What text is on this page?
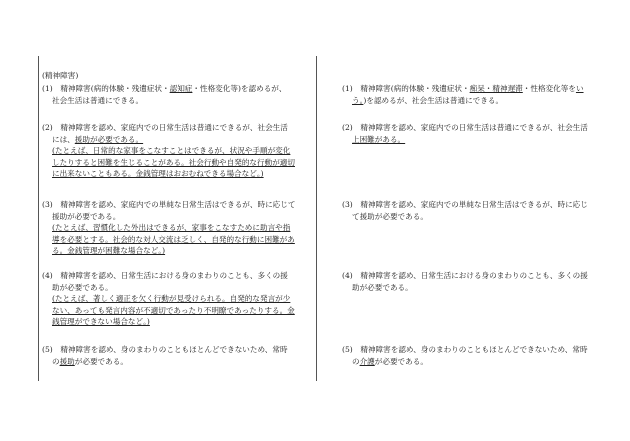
(精神障害)

(1)　精神障害(病的体験・残遺症状・認知症・性格変化等)を認めるが、

社会生活は普通にできる。

(2)　精神障害を認め、家庭内での日常生活は普通にできるが、社会生活

には、援助が必要である。

(たとえば、日常的な家事をこなすことはできるが、状況や手順が変化

したりすると困難を生じることがある。社会行動や自発的な行動が適切

に出来ないこともある。金銭管理はおおむねできる場合など。)

(3)　精神障害を認め、家庭内での単純な日常生活はできるが、時に応じて

援助が必要である。

(たとえば、習慣化した外出はできるが、家事をこなすために助言や指

導を必要とする。社会的な対人交流は乏しく、自発的な行動に困難があ

る。金銭管理が困難な場合など。)

(4)　精神障害を認め、日常生活における身のまわりのことも、多くの援

助が必要である。

(たとえば、著しく適正を欠く行動が見受けられる。自発的な発言が少

ない、あっても発言内容が不適切であったり不明瞭であったりする。金

銭管理ができない場合など。)

(5)　精神障害を認め、身のまわりのこともほとんどできないため、常時

の援助が必要である。

(1)　精神障害(病的体験・残遺症状・痴呆・精神遅滞・性格変化等をい

う。)を認めるが、社会生活は普通にできる。

(2)　精神障害を認め、家庭内での日常生活は普通にできるが、社会生活

上困難がある。

(3)　精神障害を認め、家庭内での単純な日常生活はできるが、時に応じ

て援助が必要である。

(4)　精神障害を認め、日常生活における身のまわりのことも、多くの援

助が必要である。

(5)　精神障害を認め、身のまわりのこともほとんどできないため、常時

の介護が必要である。
